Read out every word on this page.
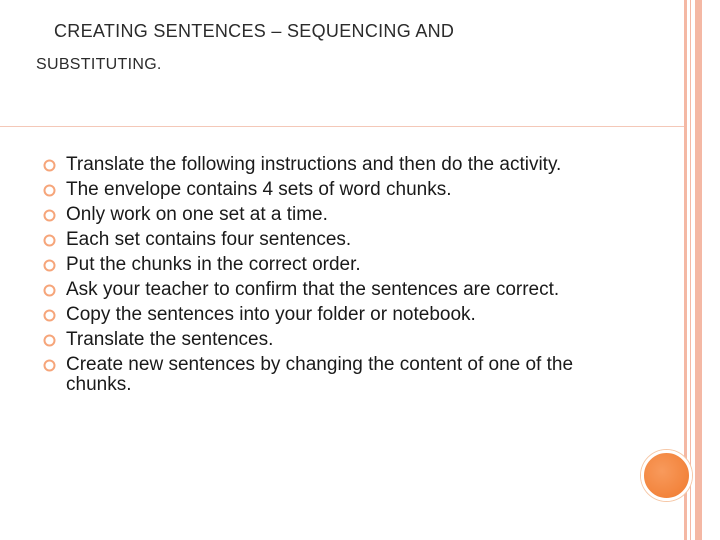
CREATING SENTENCES – SEQUENCING AND
SUBSTITUTING.
Translate the following instructions and then do the activity.
The envelope contains 4 sets of word chunks.
Only work on one set at a time.
Each set contains four sentences.
Put the chunks in the correct order.
Ask your teacher to confirm that the sentences are correct.
Copy the sentences into your folder or notebook.
Translate the sentences.
Create new sentences by changing the content of one of the chunks.
